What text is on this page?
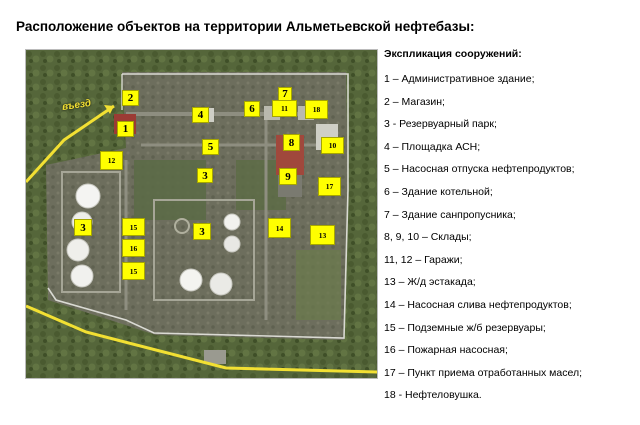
Расположение объектов на территории Альметьевской нефтебазы:
въезд
1
2
3
3
3
4
5
6
7
8
9
10
11
12
13
14
15
16
15
17
18

Экспликация сооружений:

1 – Административное здание;
2 – Магазин;
3 - Резервуарный парк;
4 – Площадка АСН;
5 – Насосная отпуска нефтепродуктов;
6 – Здание котельной;
7 – Здание санпропусника;
8, 9, 10 – Склады;
11, 12 – Гаражи;
13 – Ж/д эстакада;
14 – Насосная слива нефтепродуктов;
15 – Подземные ж/б резервуары;
16 – Пожарная насосная;
17 – Пункт приема отработанных масел;
18 - Нефтеловушка.
